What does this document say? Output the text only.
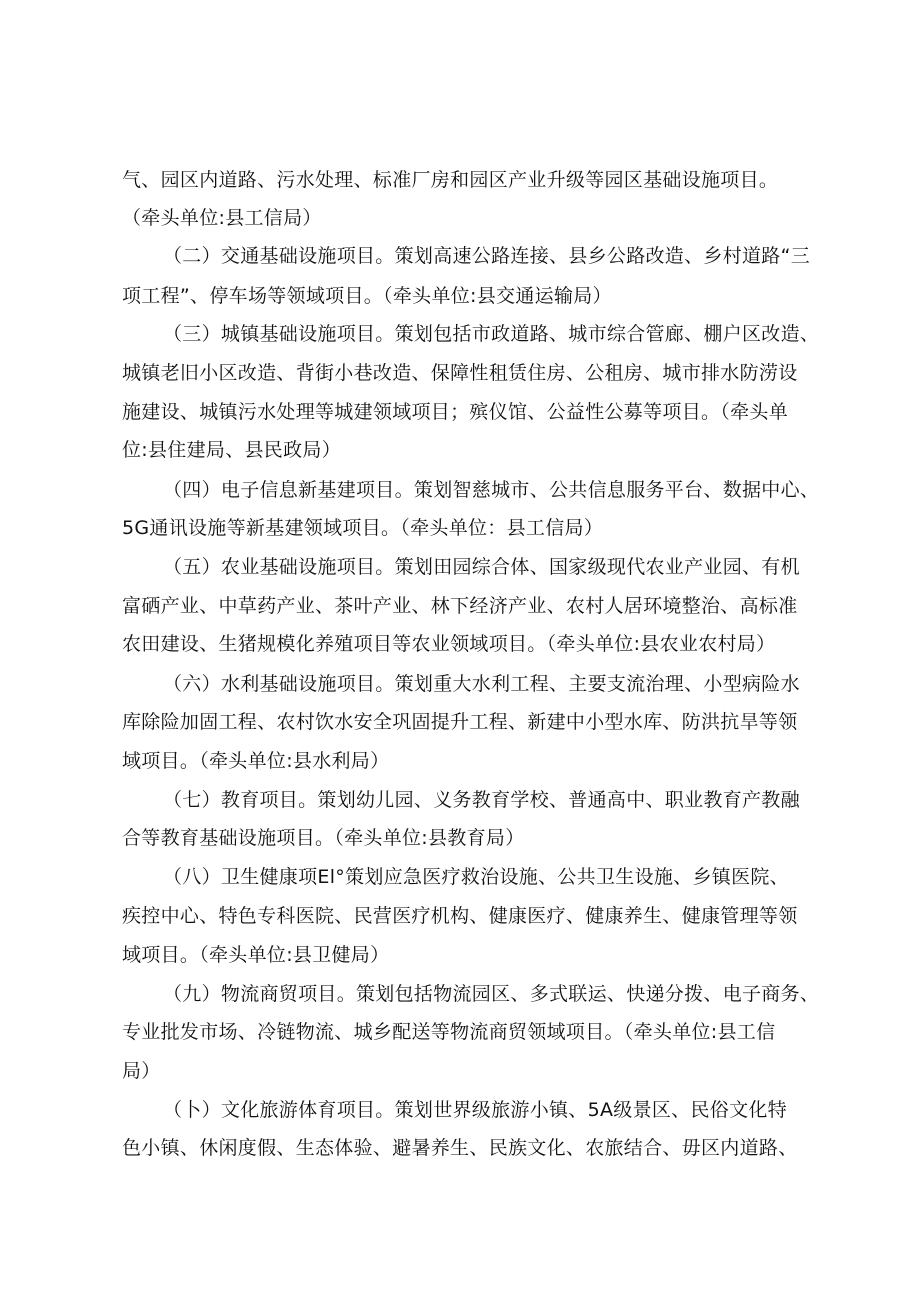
气、园区内道路、污水处理、标准厂房和园区产业升级等园区基础设施项目。
（牵头单位:县工信局）
（二）交通基础设施项目。策划高速公路连接、县乡公路改造、乡村道路“三
项工程”、停车场等领域项目。（牵头单位:县交通运输局）
（三）城镇基础设施项目。策划包括市政道路、城市综合管廊、棚户区改造、
城镇老旧小区改造、背街小巷改造、保障性租赁住房、公租房、城市排水防涝设
施建设、城镇污水处理等城建领域项目；殡仪馆、公益性公募等项目。（牵头单
位:县住建局、县民政局）
（四）电子信息新基建项目。策划智慈城市、公共信息服务平台、数据中心、
5G通讯设施等新基建领域项目。（牵头单位：县工信局）
（五）农业基础设施项目。策划田园综合体、国家级现代农业产业园、有机
富硒产业、中草药产业、茶叶产业、林下经济产业、农村人居环境整治、高标准
农田建设、生猪规模化养殖项目等农业领域项目。（牵头单位:县农业农村局）
（六）水利基础设施项目。策划重大水利工程、主要支流治理、小型病险水
库除险加固工程、农村饮水安全巩固提升工程、新建中小型水库、防洪抗旱等领
域项目。（牵头单位:县水利局）
（七）教育项目。策划幼儿园、义务教育学校、普通高中、职业教育产教融
合等教育基础设施项目。（牵头单位:县教育局）
（八）卫生健康项El°策划应急医疗救治设施、公共卫生设施、乡镇医院、
疾控中心、特色专科医院、民营医疗机构、健康医疗、健康养生、健康管理等领
域项目。（牵头单位:县卫健局）
（九）物流商贸项目。策划包括物流园区、多式联运、快递分拨、电子商务、
专业批发市场、冷链物流、城乡配送等物流商贸领域项目。（牵头单位:县工信
局）
（卜）文化旅游体育项目。策划世界级旅游小镇、5A级景区、民俗文化特
色小镇、休闲度假、生态体验、避暑养生、民族文化、农旅结合、毋区内道路、
